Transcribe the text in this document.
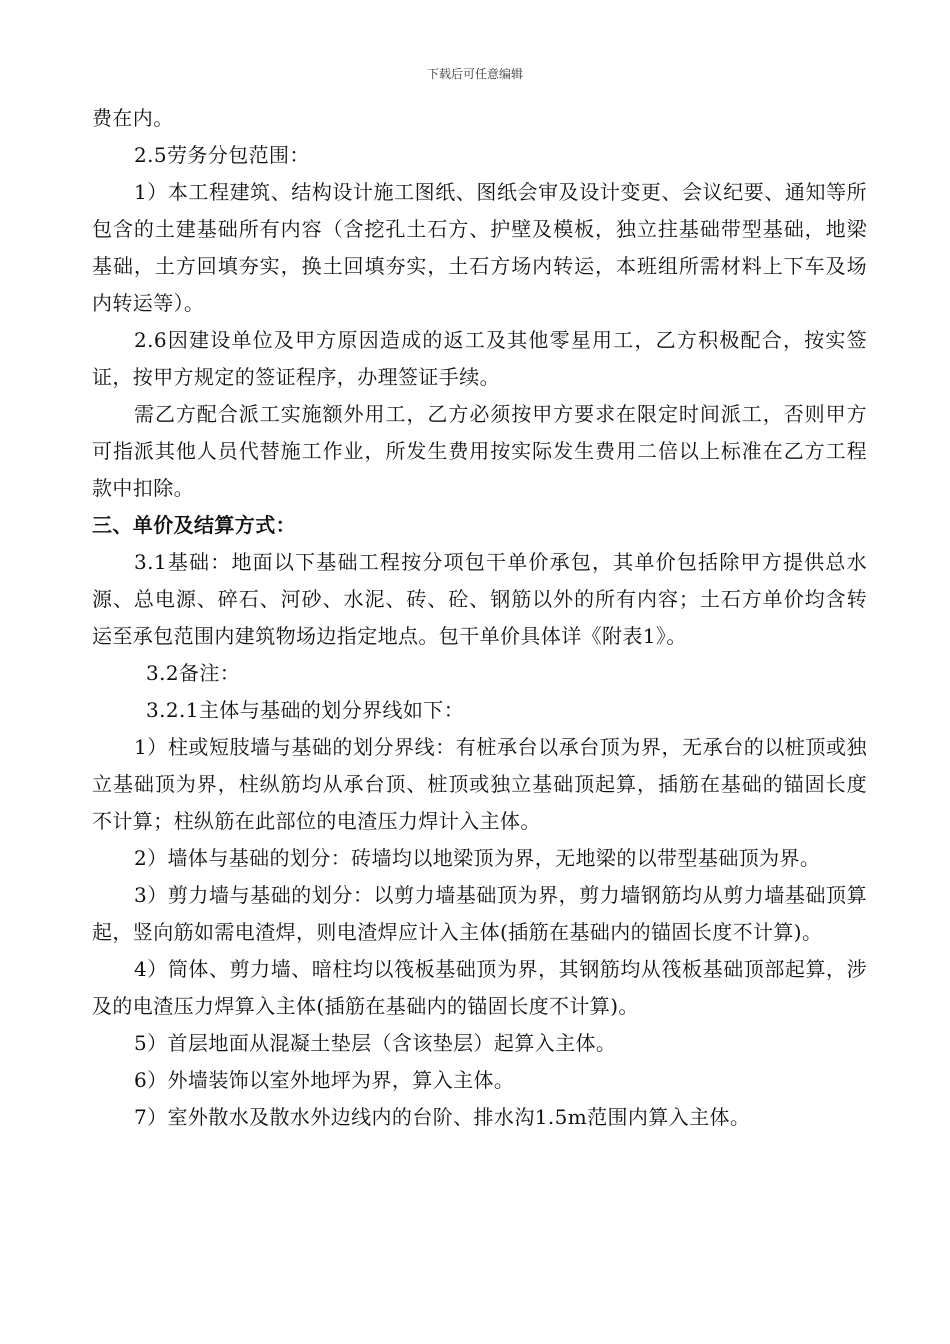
下载后可任意编辑

费在内。

2.5劳务分包范围：

1）本工程建筑、结构设计施工图纸、图纸会审及设计变更、会议纪要、通知等所包含的土建基础所有内容（含挖孔土石方、护壁及模板，独立拄基础带型基础，地梁基础，土方回填夯实，换土回填夯实，土石方场内转运，本班组所需材料上下车及场内转运等）。

2.6因建设单位及甲方原因造成的返工及其他零星用工，乙方积极配合，按实签证，按甲方规定的签证程序，办理签证手续。

需乙方配合派工实施额外用工，乙方必须按甲方要求在限定时间派工，否则甲方可指派其他人员代替施工作业，所发生费用按实际发生费用二倍以上标准在乙方工程款中扣除。

三、单价及结算方式：

3.1基础：地面以下基础工程按分项包干单价承包，其单价包括除甲方提供总水源、总电源、碎石、河砂、水泥、砖、砼、钢筋以外的所有内容；土石方单价均含转运至承包范围内建筑物场边指定地点。包干单价具体详《附表1》。

3.2备注：

3.2.1主体与基础的划分界线如下：

1）柱或短肢墙与基础的划分界线：有桩承台以承台顶为界，无承台的以桩顶或独立基础顶为界，柱纵筋均从承台顶、桩顶或独立基础顶起算，插筋在基础的锚固长度不计算；柱纵筋在此部位的电渣压力焊计入主体。

2）墙体与基础的划分：砖墙均以地梁顶为界，无地梁的以带型基础顶为界。

3）剪力墙与基础的划分：以剪力墙基础顶为界，剪力墙钢筋均从剪力墙基础顶算起，竖向筋如需电渣焊，则电渣焊应计入主体(插筋在基础内的锚固长度不计算)。

4）筒体、剪力墙、暗柱均以筏板基础顶为界，其钢筋均从筏板基础顶部起算，涉及的电渣压力焊算入主体(插筋在基础内的锚固长度不计算)。

5）首层地面从混凝土垫层（含该垫层）起算入主体。

6）外墙装饰以室外地坪为界，算入主体。

7）室外散水及散水外边线内的台阶、排水沟1.5m范围内算入主体。
